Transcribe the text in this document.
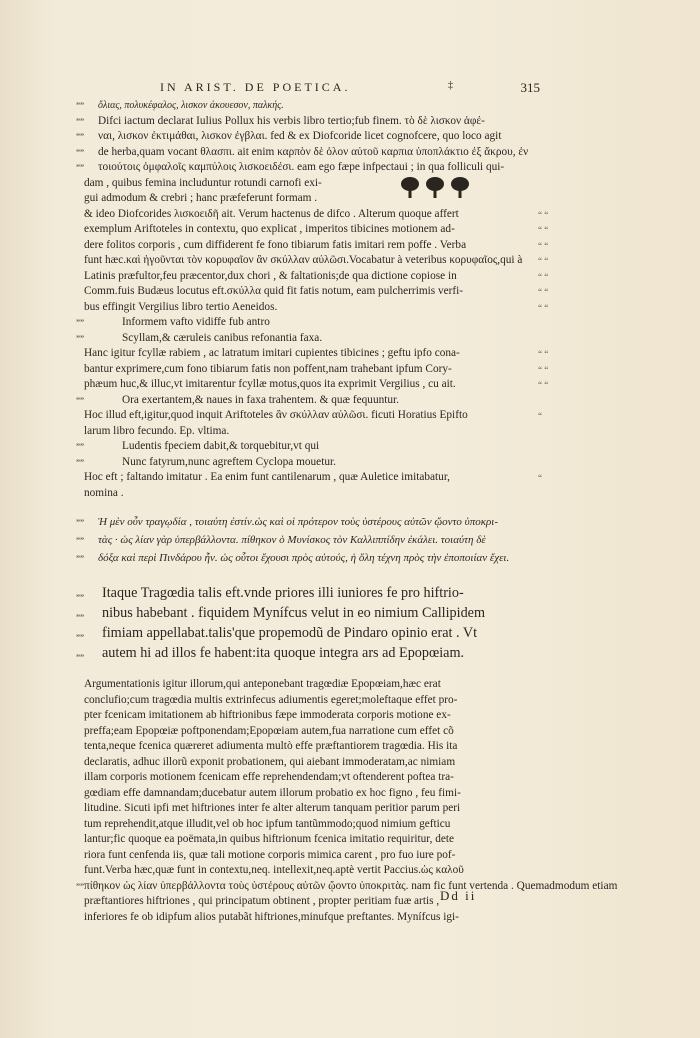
IN ARIST. DE POETICA.	‡	315
”” ὅλιας, πολυκέφαλος, λισκον ἀκουεσον, παλκής.
”” Difci iactum declarat Iulius Pollux his verbis libro tertio;fub finem. τὸ δὲ λισκον ἀφέ-
”” ναι, λισκον ἐκτιμάθαι, λισκον ἐγβλαι. fed & ex Diofcoride licet cognofcere, quo loco agit
”” de herba,quam vocant θλασπι. ait enim καρπὸν δὲ ὀλον αὐτοῦ καρπια ὑποπλάκτιο ἐξ ἄκρου, ἐν
”” τοιούτοις ὀμφαλοῖς καμπύλοις λισκοειδέσι. eam ego fæpe infpectaui ; in qua folliculi qui-
dam , quibus femina includuntur rotundi carnofi exi-
gui admodum & crebri ; hanc præfeferunt formam .
& ideo Diofcorides λισκοειδῆ ait. Verum hactenus de difco . Alterum quoque affert	“ “
exemplum Ariftoteles in contextu, quo explicat , imperitos tibicines motionem ad-	“ “
dere folitos corporis , cum diffiderent fe fono tibiarum fatis imitari rem poffe . Verba	“ “
funt hæc.καὶ ἡγοῦνται τὸν κορυφαῖον ἂν σκύλλαν αὐλῶσι.Vocabatur à veteribus κορυφαῖος,qui à “ “
Latinis præfultor,feu præcentor,dux chori , & faltationis;de qua dictione copiose in	“ “
Comm.fuis Budæus locutus eft.σκύλλα quid fit fatis notum, eam pulcherrimis verfi-	“ “
bus effingit Vergilius libro tertio Aeneidos.	“ “
””	Informem vafto vidiffe fub antro
””	Scyllam,& cæruleis canibus refonantia faxa.
Hanc igitur fcyllæ rabiem , ac latratum imitari cupientes tibicines ; geftu ipfo cona-	“ “
bantur exprimere,cum fono tibiarum fatis non poffent,nam trahebant ipfum Cory-	“ “
phæum huc,& illuc,vt imitarentur fcyllæ motus,quos ita exprimit Vergilius , cu ait.	“ “
””	Ora exertantem,& naues in faxa trahentem. & quæ fequuntur.
Hoc illud eft,igitur,quod inquit Ariftoteles ἂν σκύλλαν αὐλῶσι. ficuti Horatius Epifto	“
larum libro fecundo. Ep. vltima.
””	Ludentis fpeciem dabit,& torquebitur,vt qui
””	Nunc fatyrum,nunc agreftem Cyclopa mouetur.
Hoc eft ; faltando imitatur . Ea enim funt cantilenarum , quæ Auletice imitabatur,	“
nomina .
”” Ἡ μὲν οὖν τραγῳδία , τοιαύτη ἐστίν.ὡς καὶ οἱ πρότερον τοὺς ὑστέρους αὐτῶν ᾤοντο ὑποκρι-
”” τὰς · ὡς λίαν γὰρ ὑπερβάλλοντα. πίθηκον ὁ Μυνίσκος τὸν Καλλιππίδην ἐκάλει. τοιαύτη δὲ
”” δόξα καὶ περὶ Πινδάρου ἦν. ὡς οὗτοι ἔχουσι πρὸς αὐτούς, ἡ ὅλη τέχνη πρὸς τὴν ἐποποιίαν ἔχει.
”” Itaque Tragœdia talis eft.vnde priores illi iuniores fe pro hiftrio-
”” nibus habebant . fiquidem Mynífcus velut in eo nimium Callipidem
”” fimiam appellabat.talis'que propemodũ de Pindaro opinio erat . Vt
”” autem hi ad illos fe habent:ita quoque integra ars ad Epopœiam.
Argumentationis igitur illorum,qui anteponebant tragœdiæ Epopœiam,hæc erat
conclufio;cum tragœdia multis extrinfecus adiumentis egeret;moleftaque effet pro-
pter fcenicam imitationem ab hiftrionibus fæpe immoderata corporis motione ex-
preffa;eam Epopœiæ poftponendam;Epopœiam autem,fua narratione cum effet cõ
tenta,neque fcenica quæreret adiumenta multò effe præftantiorem tragœdia. His ita
declaratis, adhuc illorũ exponit probationem, qui aiebant immoderatam,ac nimiam
illam corporis motionem fcenicam effe reprehendendam;vt oftenderent poftea tra-
gœdiam effe damnandam;ducebatur autem illorum probatio ex hoc figno , feu fimi-
litudine. Sicuti ipfi met hiftriones inter fe alter alterum tanquam peritior parum peri
tum reprehendit,atque illudit,vel ob hoc ipfum tantũmmodo;quod nimium gefticu
lantur;fic quoque ea poëmata,in quibus hiftrionum fcenica imitatio requiritur, dete
riora funt cenfenda iis, quæ tali motione corporis mimica carent , pro fuo iure pof-
funt.Verba hæc,quæ funt in contextu,neq. intellexit,neq.aptè vertit Paccius.ὡς καλοῦ
”” πίθηκον ὡς λίαν ὑπερβάλλοντα τοὺς ὑστέρους αὐτῶν ᾤοντο ὑποκριτὰς. nam fic funt vertenda . Quemadmodum etiam
præftantiores hiftriones , qui principatum obtinent , propter peritiam fuæ artis ,
inferiores fe ob idipfum alios putabãt hiftriones,minufque preftantes. Mynífcus igi-
Dd ii
